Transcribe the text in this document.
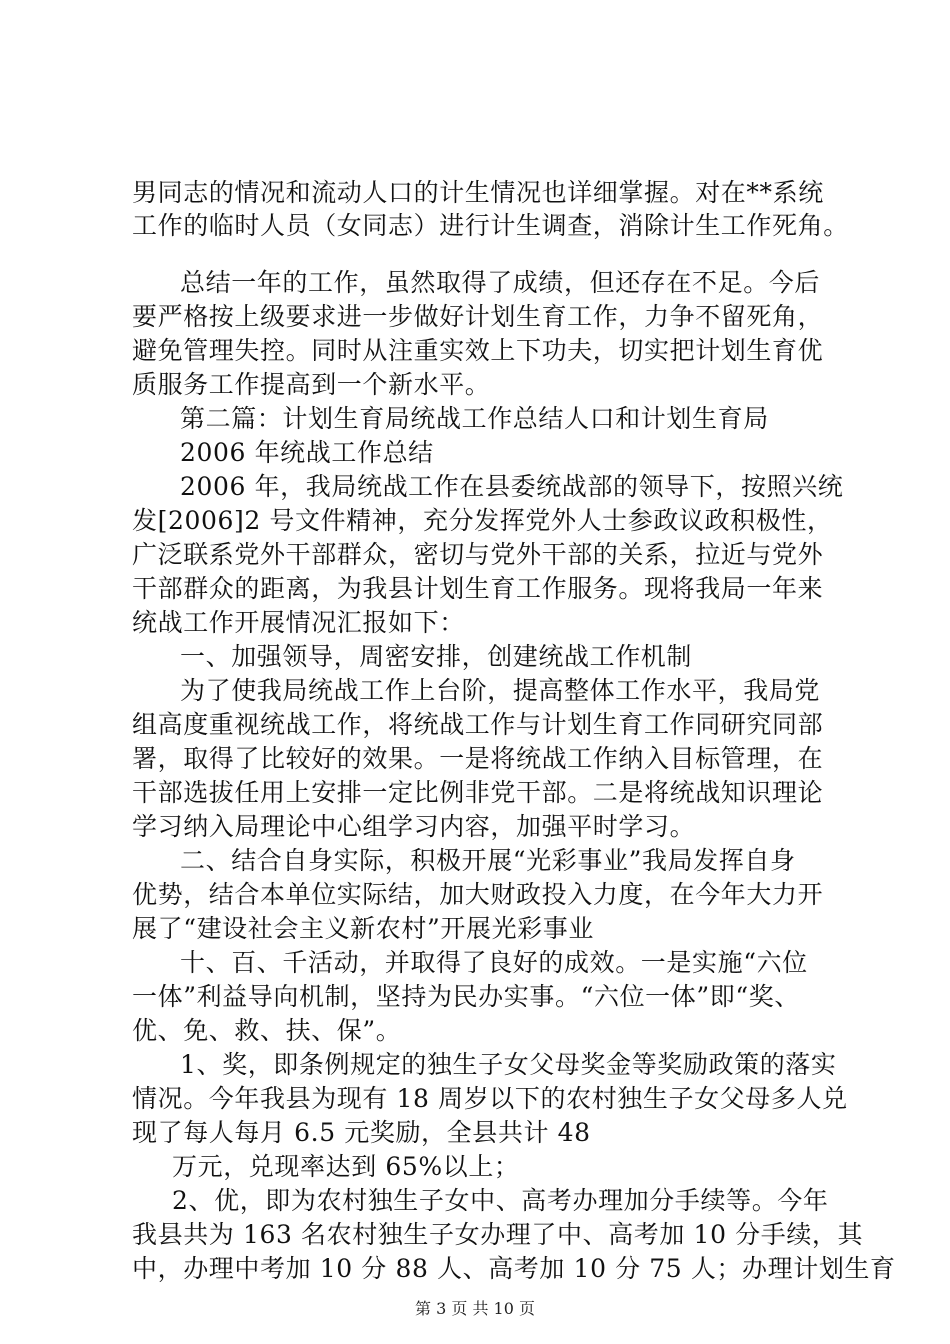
男同志的情况和流动人口的计生情况也详细掌握。对在**系统
工作的临时人员（女同志）进行计生调查，消除计生工作死角。
总结一年的工作，虽然取得了成绩，但还存在不足。今后
要严格按上级要求进一步做好计划生育工作，力争不留死角，
避免管理失控。同时从注重实效上下功夫，切实把计划生育优
质服务工作提高到一个新水平。
第二篇：计划生育局统战工作总结人口和计划生育局
2006 年统战工作总结
2006 年，我局统战工作在县委统战部的领导下，按照兴统
发[2006]2 号文件精神，充分发挥党外人士参政议政积极性，
广泛联系党外干部群众，密切与党外干部的关系，拉近与党外
干部群众的距离，为我县计划生育工作服务。现将我局一年来
统战工作开展情况汇报如下：
一、加强领导，周密安排，创建统战工作机制
为了使我局统战工作上台阶，提高整体工作水平，我局党
组高度重视统战工作，将统战工作与计划生育工作同研究同部
署，取得了比较好的效果。一是将统战工作纳入目标管理，在
干部选拔任用上安排一定比例非党干部。二是将统战知识理论
学习纳入局理论中心组学习内容，加强平时学习。
二、结合自身实际，积极开展“光彩事业”我局发挥自身
优势，结合本单位实际结，加大财政投入力度，在今年大力开
展了“建设社会主义新农村”开展光彩事业
十、百、千活动，并取得了良好的成效。一是实施“六位
一体”利益导向机制，坚持为民办实事。“六位一体”即“奖、
优、免、救、扶、保”。
1、奖，即条例规定的独生子女父母奖金等奖励政策的落实
情况。今年我县为现有 18 周岁以下的农村独生子女父母多人兑
现了每人每月 6.5 元奖励，全县共计 48
万元，兑现率达到 65%以上；
2、优，即为农村独生子女中、高考办理加分手续等。今年
我县共为 163 名农村独生子女办理了中、高考加 10 分手续，其
中，办理中考加 10 分 88 人、高考加 10 分 75 人；办理计划生育
第 3 页 共 10 页
